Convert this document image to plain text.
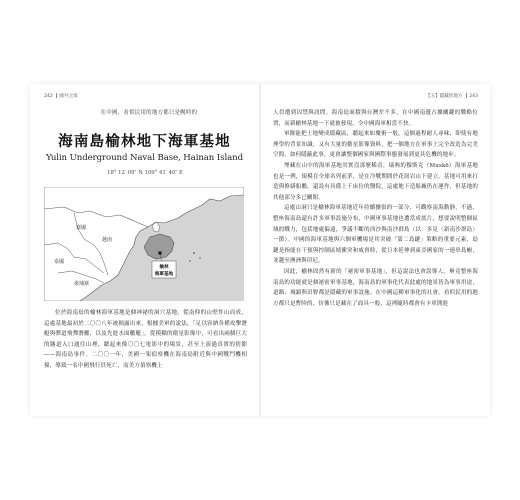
242 國外之境
在中國，看似民用的地方都只是幌時的
海南島榆林地下海軍基地
Yulin Underground Naval Base, Hainan Island
18° 12′ 09″ N 109° 41′ 40″ E
榆林
海軍基地
寮國
越南
泰國
柬埔寨

位於海南島的榆林海軍基地是個神祕的洞穴基地，從南仰的山壁炸山而成，這處基地最初於二〇〇八年被揭露出來，根據美軍的說法，「足以容納各種攻擊潛艇與彈道飛彈潛艦，以及先進水面艦艇」，從模糊的衛星影像中，可看出兩個巨大的隧道入口通往山裡，聽起來像〇〇七電影中的場景，甚至上演過真實的情節——海南島事件。二〇〇一年，美國一架偵察機在海南島附近與中國戰鬥機相撞，導致一名中國飛行員死亡，而美方偵察機上

【五】隱藏的地方 243

人員遭到囚禁與訊問。海南島面積與台灣差不多，在中國南邊占據關鍵的戰略位置，而新榆林基地一下就被發現，令中國海軍相當不快。

軍隊能把土地變成隱藏區，聽起來如魔術一般，這個過程耐人尋味，即使有地理學的背景知識，又有大量的衛星影像資料，把一個地方在軍事上完全改造為完美空間，如何隱蔽此事，更會讓整個國家與國際事態發展到更具危機的地步。

埋藏在山中的海軍基地其實沒那麼稀奇，瑞典的穆斯克（Muskö）海軍基地也是一例，規模在全球名列前茅，是在冷戰期間於花崗岩山下建立，基地可用來打造與修繕船艦，還設有具備上千床位的醫院，這處地下造船廠仍在運作，但基地的其他部分多已關閉。

這處山洞只是榆林海軍基地近年持續擴張的一部分，可觀察南海動靜，不過，整座海南島還有許多軍事設施分布，中國軍事基地也遭當成底片，想要說明整個區域的戰力，包括地處偏遠，爭議不斷的西沙與南沙群島（以：多見〈新南沙群島〉一節）。中國的海軍基地與六個軍機場是其突破「第二島鏈」策略的重要元素，島鏈是指能在干預與控制區域衝突和威脅時，從日本延伸到東亞國家的一連串島嶼，並越至澳洲與印尼。

因此，榆林固然有新的「祕密軍事基地」，但這說法也會誤導人。畢竟整座海南島的功能就是個祕密軍事基地，海南島的軍事化代表此處的地景皆為軍事用途，道路、城鎮與田野都是隱藏的軍事設施。在中國這種軍事化的社會，看似民用的地方都只是暫時的，彷彿只是藏在了面具一般，這裡隨時都會有卡車開進
